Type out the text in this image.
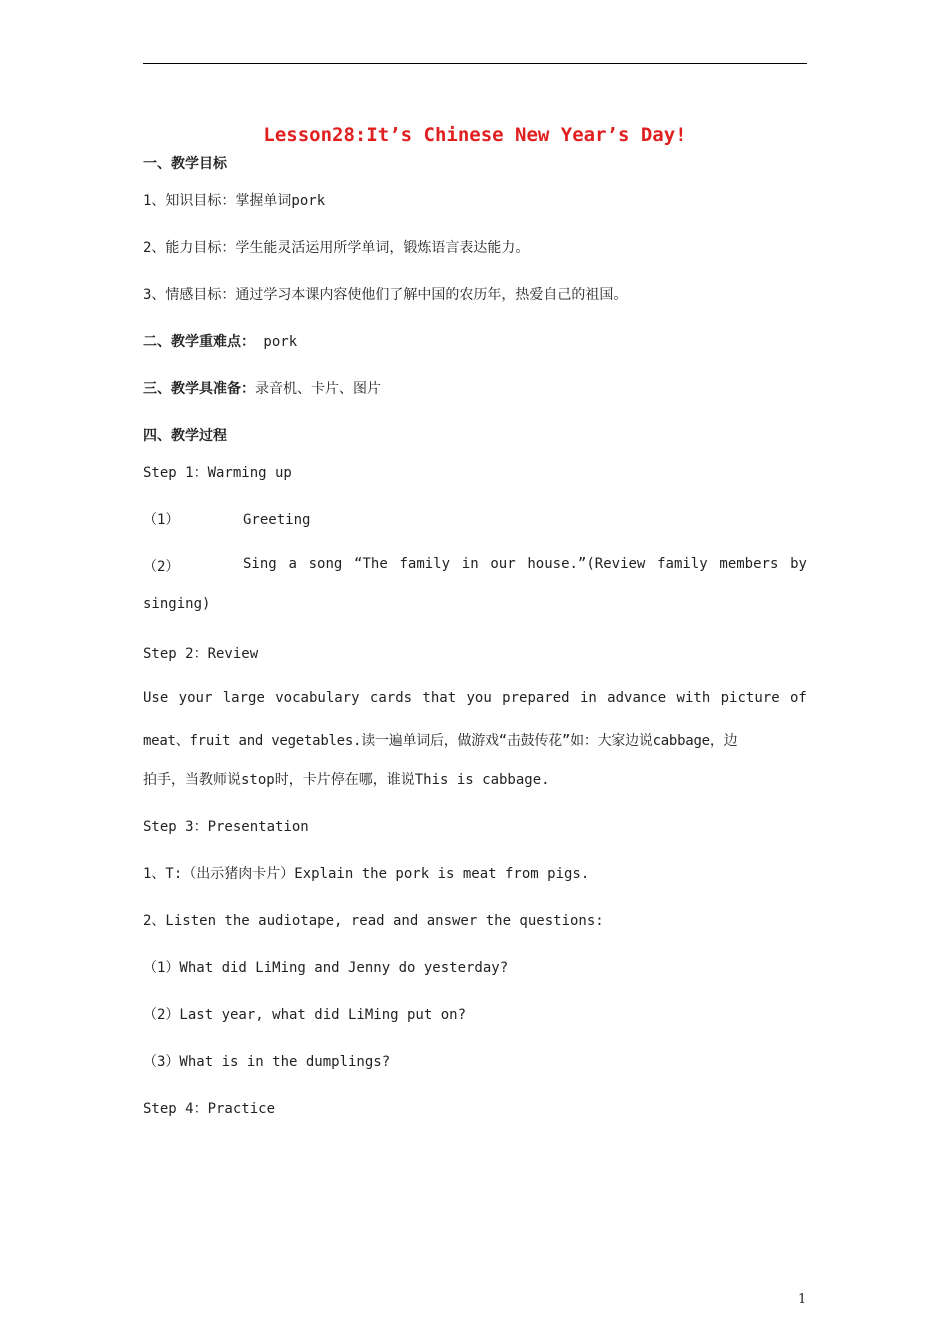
Lesson28:It’s Chinese New Year’s Day!
一、教学目标
1、知识目标：掌握单词pork
2、能力目标：学生能灵活运用所学单词，锻炼语言表达能力。
3、情感目标：通过学习本课内容使他们了解中国的农历年，热爱自己的祖国。
二、教学重难点： pork
三、教学具准备：录音机、卡片、图片
四、教学过程
Step 1：Warming up
（1）	Greeting
（2）	Sing a song “The family in our house.”(Review family members by
singing)
Step 2：Review
Use your large vocabulary cards that you prepared in advance with picture of
meat、fruit and vegetables.读一遍单词后，做游戏“击鼓传花”如：大家边说cabbage，边
拍手，当教师说stop时，卡片停在哪，谁说This is cabbage.
Step 3：Presentation
1、T:（出示猪肉卡片）Explain the pork is meat from pigs.
2、Listen the audiotape, read and answer the questions:
（1）What did LiMing and Jenny do yesterday?
（2）Last year, what did LiMing put on?
（3）What is in the dumplings?
Step 4：Practice
1
